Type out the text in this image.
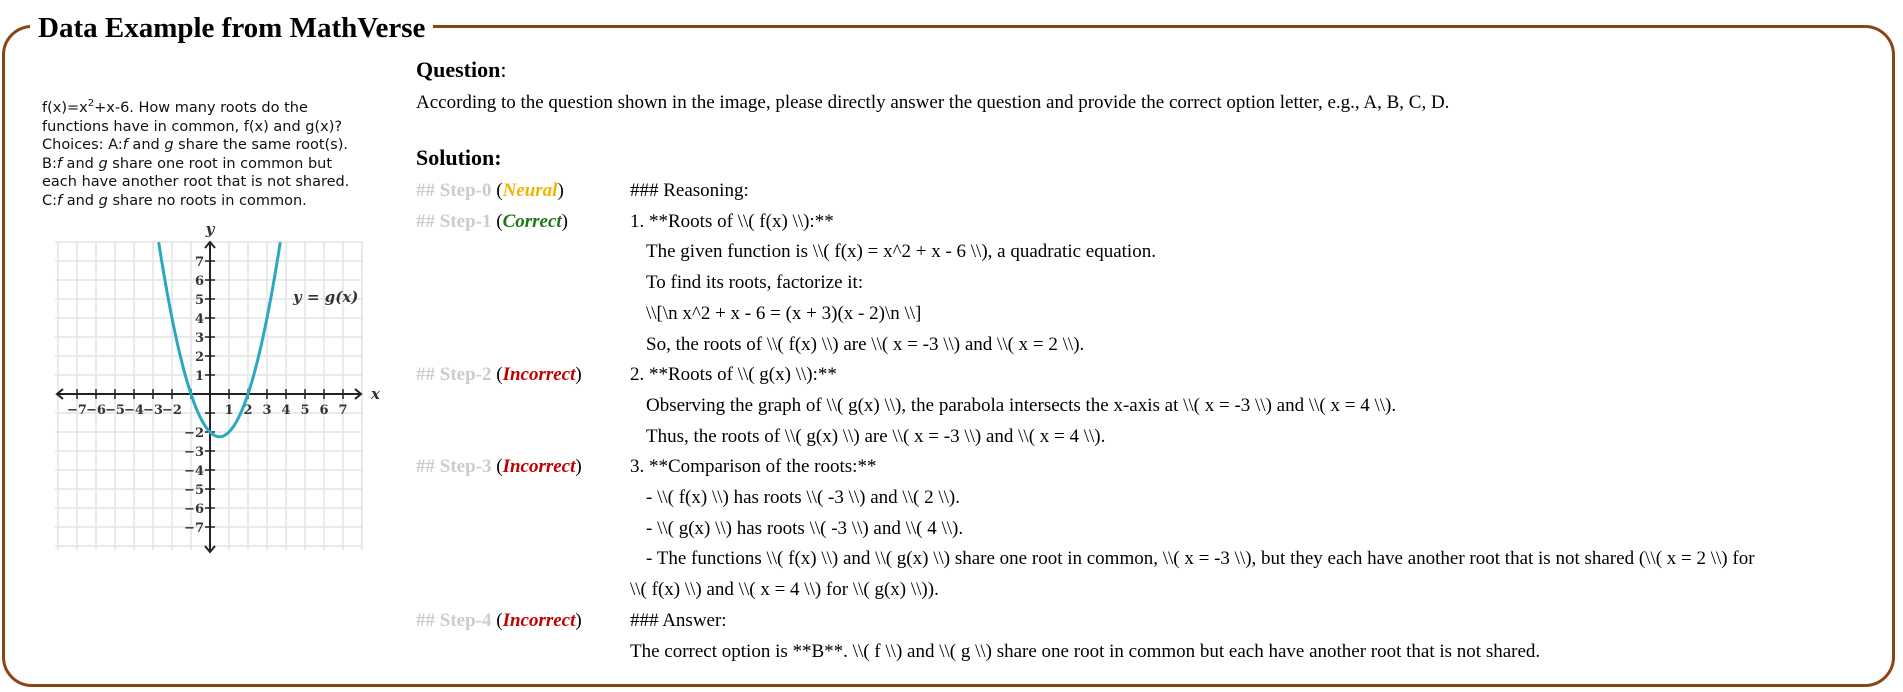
Data Example from MathVerse
$f(x)=x^2+x-6$. How many roots do the
functions have in common, f(x) and g(x)?
Choices: A:f and g share the same root(s).
B:f and g share one root in common but
each have another root that is not shared.
C:f and g share no roots in common.
−7 −6 −5 −4 −3 −2	1 2 3 4 5 6 7
7
6
5
4
3
2
1
−2
−3
−4
−5
−6
−7
y
x
y = g(x)
Question:
According to the question shown in the image, please directly answer the question and provide the correct option letter, e.g., A, B, C, D.
Solution:
## Step-0 (Neural)	### Reasoning:
## Step-1 (Correct)	1. **Roots of \\( f(x) \\):**
The given function is \\( f(x) = x^2 + x - 6 \\), a quadratic equation.
To find its roots, factorize it:
\\[\n x^2 + x - 6 = (x + 3)(x - 2)\n \\]
So, the roots of \\( f(x) \\) are \\( x = -3 \\) and \\( x = 2 \\).
## Step-2 (Incorrect)	2. **Roots of \\( g(x) \\):**
Observing the graph of \\( g(x) \\), the parabola intersects the x-axis at \\( x = -3 \\) and \\( x = 4 \\).
Thus, the roots of \\( g(x) \\) are \\( x = -3 \\) and \\( x = 4 \\).
## Step-3 (Incorrect)	3. **Comparison of the roots:**
- \\( f(x) \\) has roots \\( -3 \\) and \\( 2 \\).
- \\( g(x) \\) has roots \\( -3 \\) and \\( 4 \\).
- The functions \\( f(x) \\) and \\( g(x) \\) share one root in common, \\( x = -3 \\), but they each have another root that is not shared (\\( x = 2 \\) for
\\( f(x) \\) and \\( x = 4 \\) for \\( g(x) \\)).
## Step-4 (Incorrect)	### Answer:
The correct option is **B**. \\( f \\) and \\( g \\) share one root in common but each have another root that is not shared.
